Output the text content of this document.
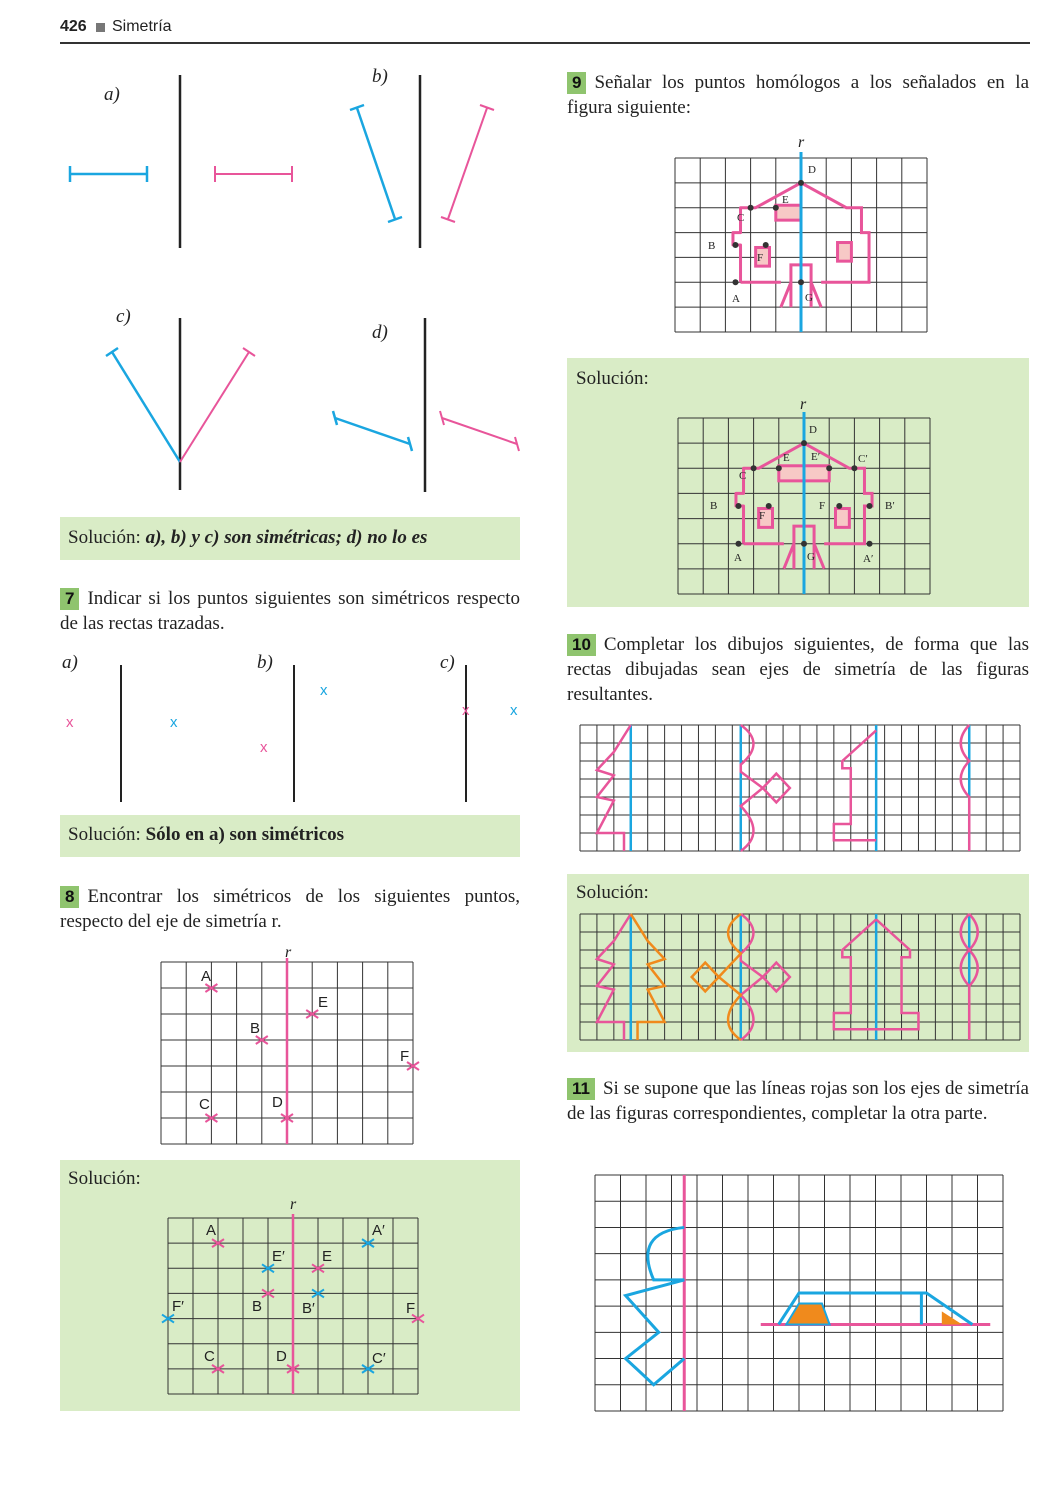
426 Simetría
a)
b)
c)
d)
Solución: a), b) y c) son simétricas; d) no lo es
7 Indicar si los puntos siguientes son simétricos respecto de las rectas trazadas.
a)	b)	c)
x	x
x
x
x	x
Solución: Sólo en a) son simétricos
8 Encontrar los simétricos de los siguientes puntos, respecto del eje de simetría r.
r
A
E
B
F
C	D
Solución:
r
A	A′
E′ E
F′	B	B′	F
C	D	C′
9 Señalar los puntos homólogos a los señalados en la figura siguiente:
r
D
E
C
B
F
A	G
Solución:
r
D
E E′	C′
C
B
F
F	B′
A	G	A′
10 Completar los dibujos siguientes, de forma que las rectas dibujadas sean ejes de simetría de las figuras resultantes.
Solución:
11 Si se supone que las líneas rojas son los ejes de simetría de las figuras correspondientes, completar la otra parte.
